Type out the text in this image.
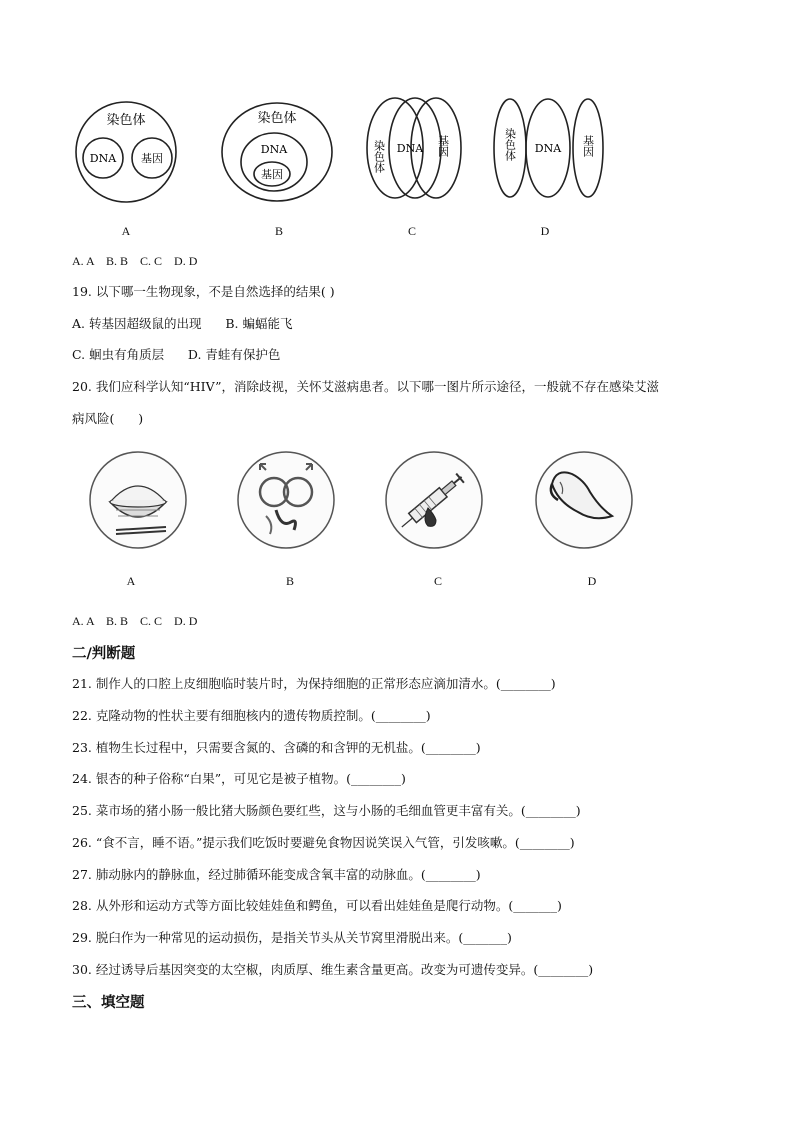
染色体
DNA 基因
染色体
DNA
基因
染色体 DNA 基因	染色体 DNA 基因
A	B	C	D
A. A    B. B    C. C    D. D
19. 以下哪一生物现象，不是自然选择的结果( )
A. 转基因超级鼠的出现      B. 蝙蝠能飞
C. 蛔虫有角质层      D. 青蛙有保护色
20. 我们应科学认知“HIV”，消除歧视，关怀艾滋病患者。以下哪一图片所示途径，一般就不存在感染艾滋
病风险(      )
A	B	C	D
A. A    B. B    C. C    D. D
二/判断题
21. 制作人的口腔上皮细胞临时装片时，为保持细胞的正常形态应滴加清水。(________)
22. 克隆动物的性状主要有细胞核内的遗传物质控制。(________)
23. 植物生长过程中，只需要含氮的、含磷的和含钾的无机盐。(________)
24. 银杏的种子俗称“白果”，可见它是被子植物。(________)
25. 菜市场的猪小肠一般比猪大肠颜色要红些，这与小肠的毛细血管更丰富有关。(________)
26. “食不言，睡不语。”提示我们吃饭时要避免食物因说笑误入气管，引发咳嗽。(________)
27. 肺动脉内的静脉血，经过肺循环能变成含氧丰富的动脉血。(________)
28. 从外形和运动方式等方面比较娃娃鱼和鳄鱼，可以看出娃娃鱼是爬行动物。(_______)
29. 脱臼作为一种常见的运动损伤，是指关节头从关节窝里滑脱出来。(_______)
30. 经过诱导后基因突变的太空椒，肉质厚、维生素含量更高。改变为可遗传变异。(________)
三、填空题
